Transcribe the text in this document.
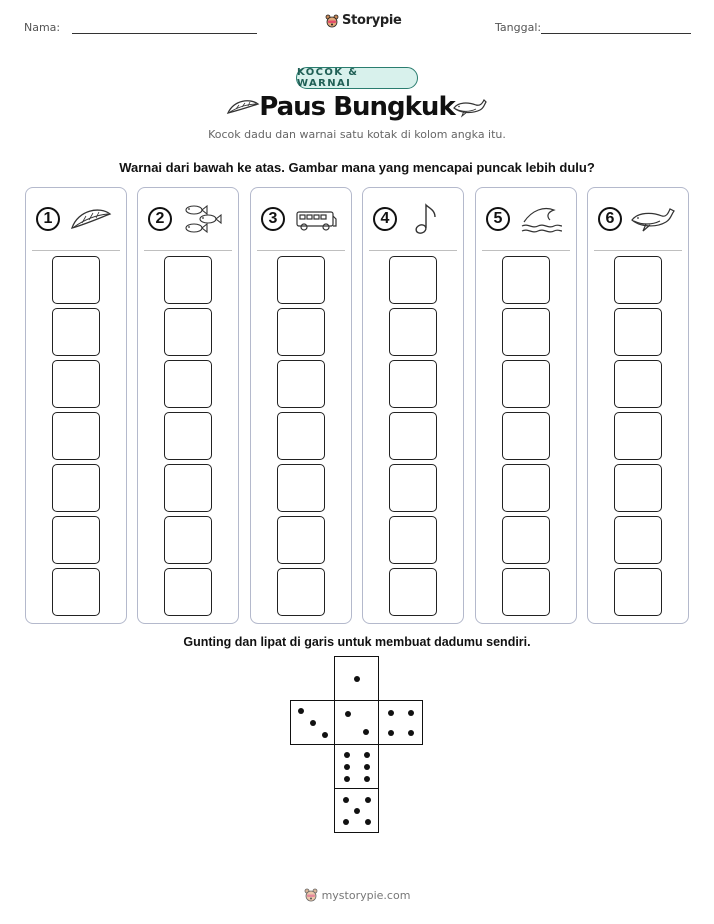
Nama:	Storypie	Tanggal:
KOCOK & WARNAI
Paus Bungkuk
Kocok dadu dan warnai satu kotak di kolom angka itu.
Warnai dari bawah ke atas. Gambar mana yang mencapai puncak lebih dulu?
1	2	3	4	5	6
Gunting dan lipat di garis untuk membuat dadumu sendiri.
mystorypie.com
